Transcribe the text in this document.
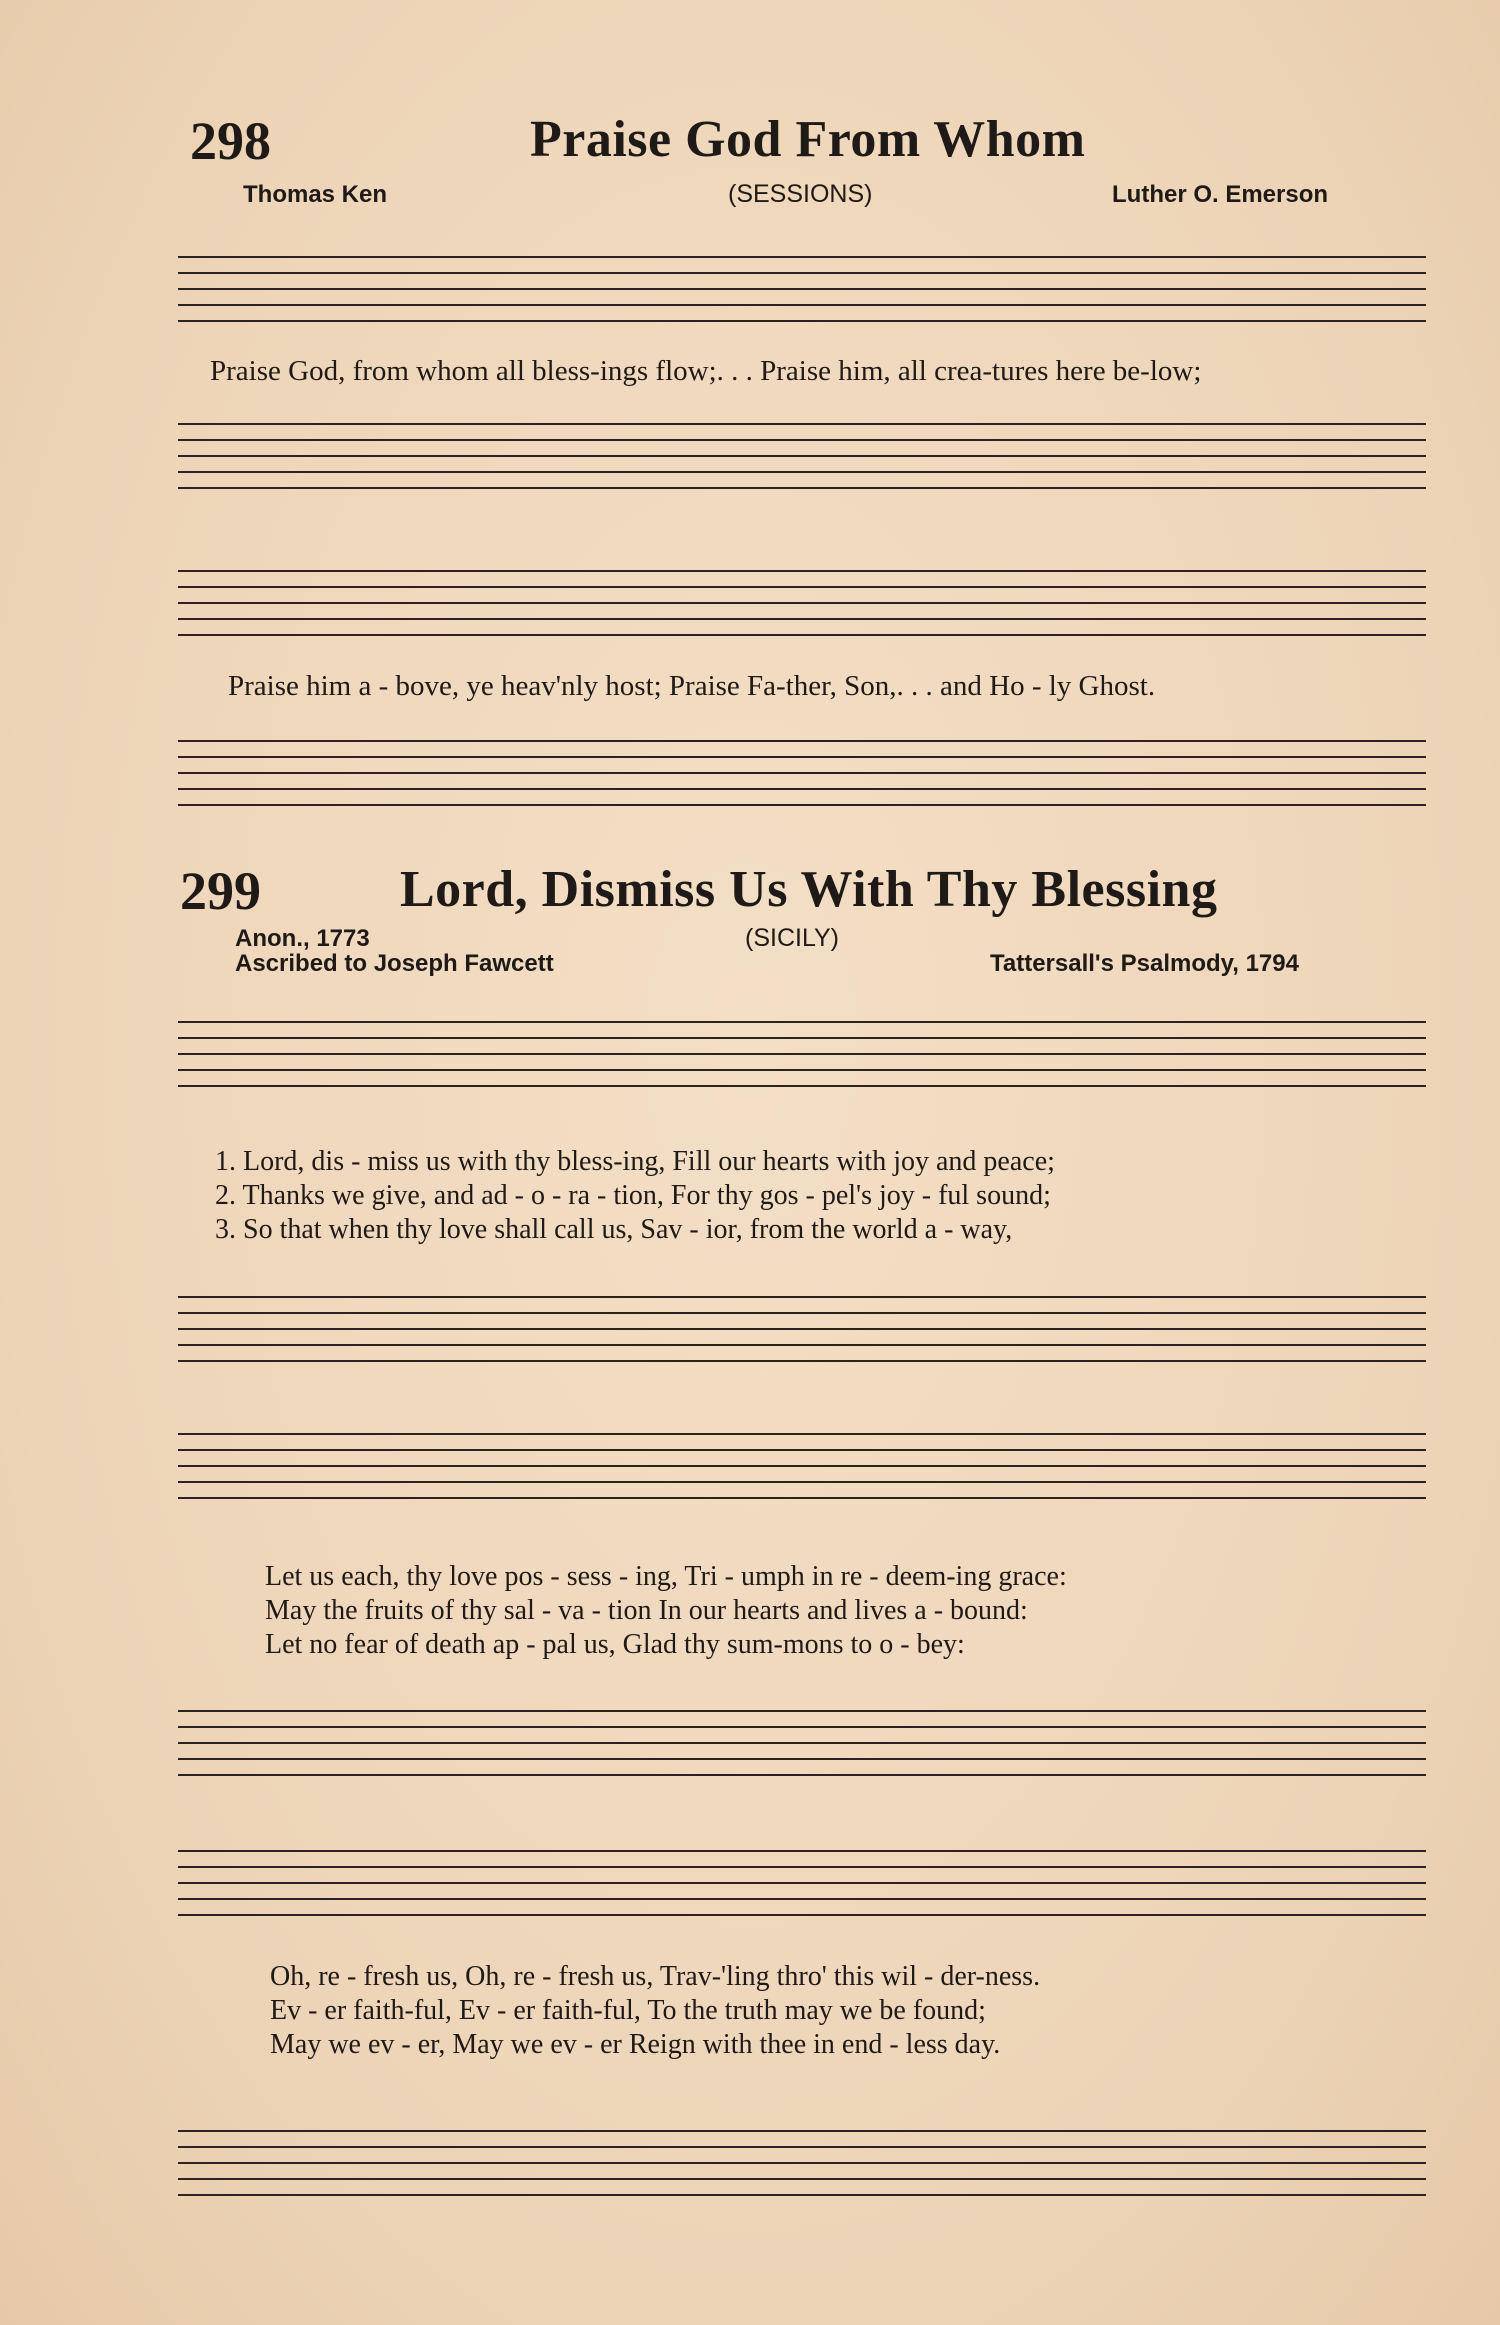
298	Praise God From Whom
Thomas Ken	(SESSIONS)	Luther O. Emerson
Praise God, from whom all bless-ings flow;. . . Praise him, all crea-tures here be-low;
Praise him a - bove, ye heav'nly host; Praise Fa-ther, Son,. . . and Ho - ly Ghost.
299	Lord, Dismiss Us With Thy Blessing
Anon., 1773
Ascribed to Joseph Fawcett
(SICILY)
Tattersall's Psalmody, 1794
1. Lord, dis - miss us with thy bless-ing, Fill our hearts with joy and peace;
2. Thanks we give, and ad - o - ra - tion, For thy gos - pel's joy - ful sound;
3. So that when thy love shall call us, Sav - ior, from the world a - way,
Let us each, thy love pos - sess - ing, Tri - umph in re - deem-ing grace:
May the fruits of thy sal - va - tion In our hearts and lives a - bound:
Let no fear of death ap - pal us, Glad thy sum-mons to o - bey:
Oh, re - fresh us, Oh, re - fresh us, Trav-'ling thro' this wil - der-ness.
Ev - er faith-ful, Ev - er faith-ful, To the truth may we be found;
May we ev - er, May we ev - er Reign with thee in end - less day.
